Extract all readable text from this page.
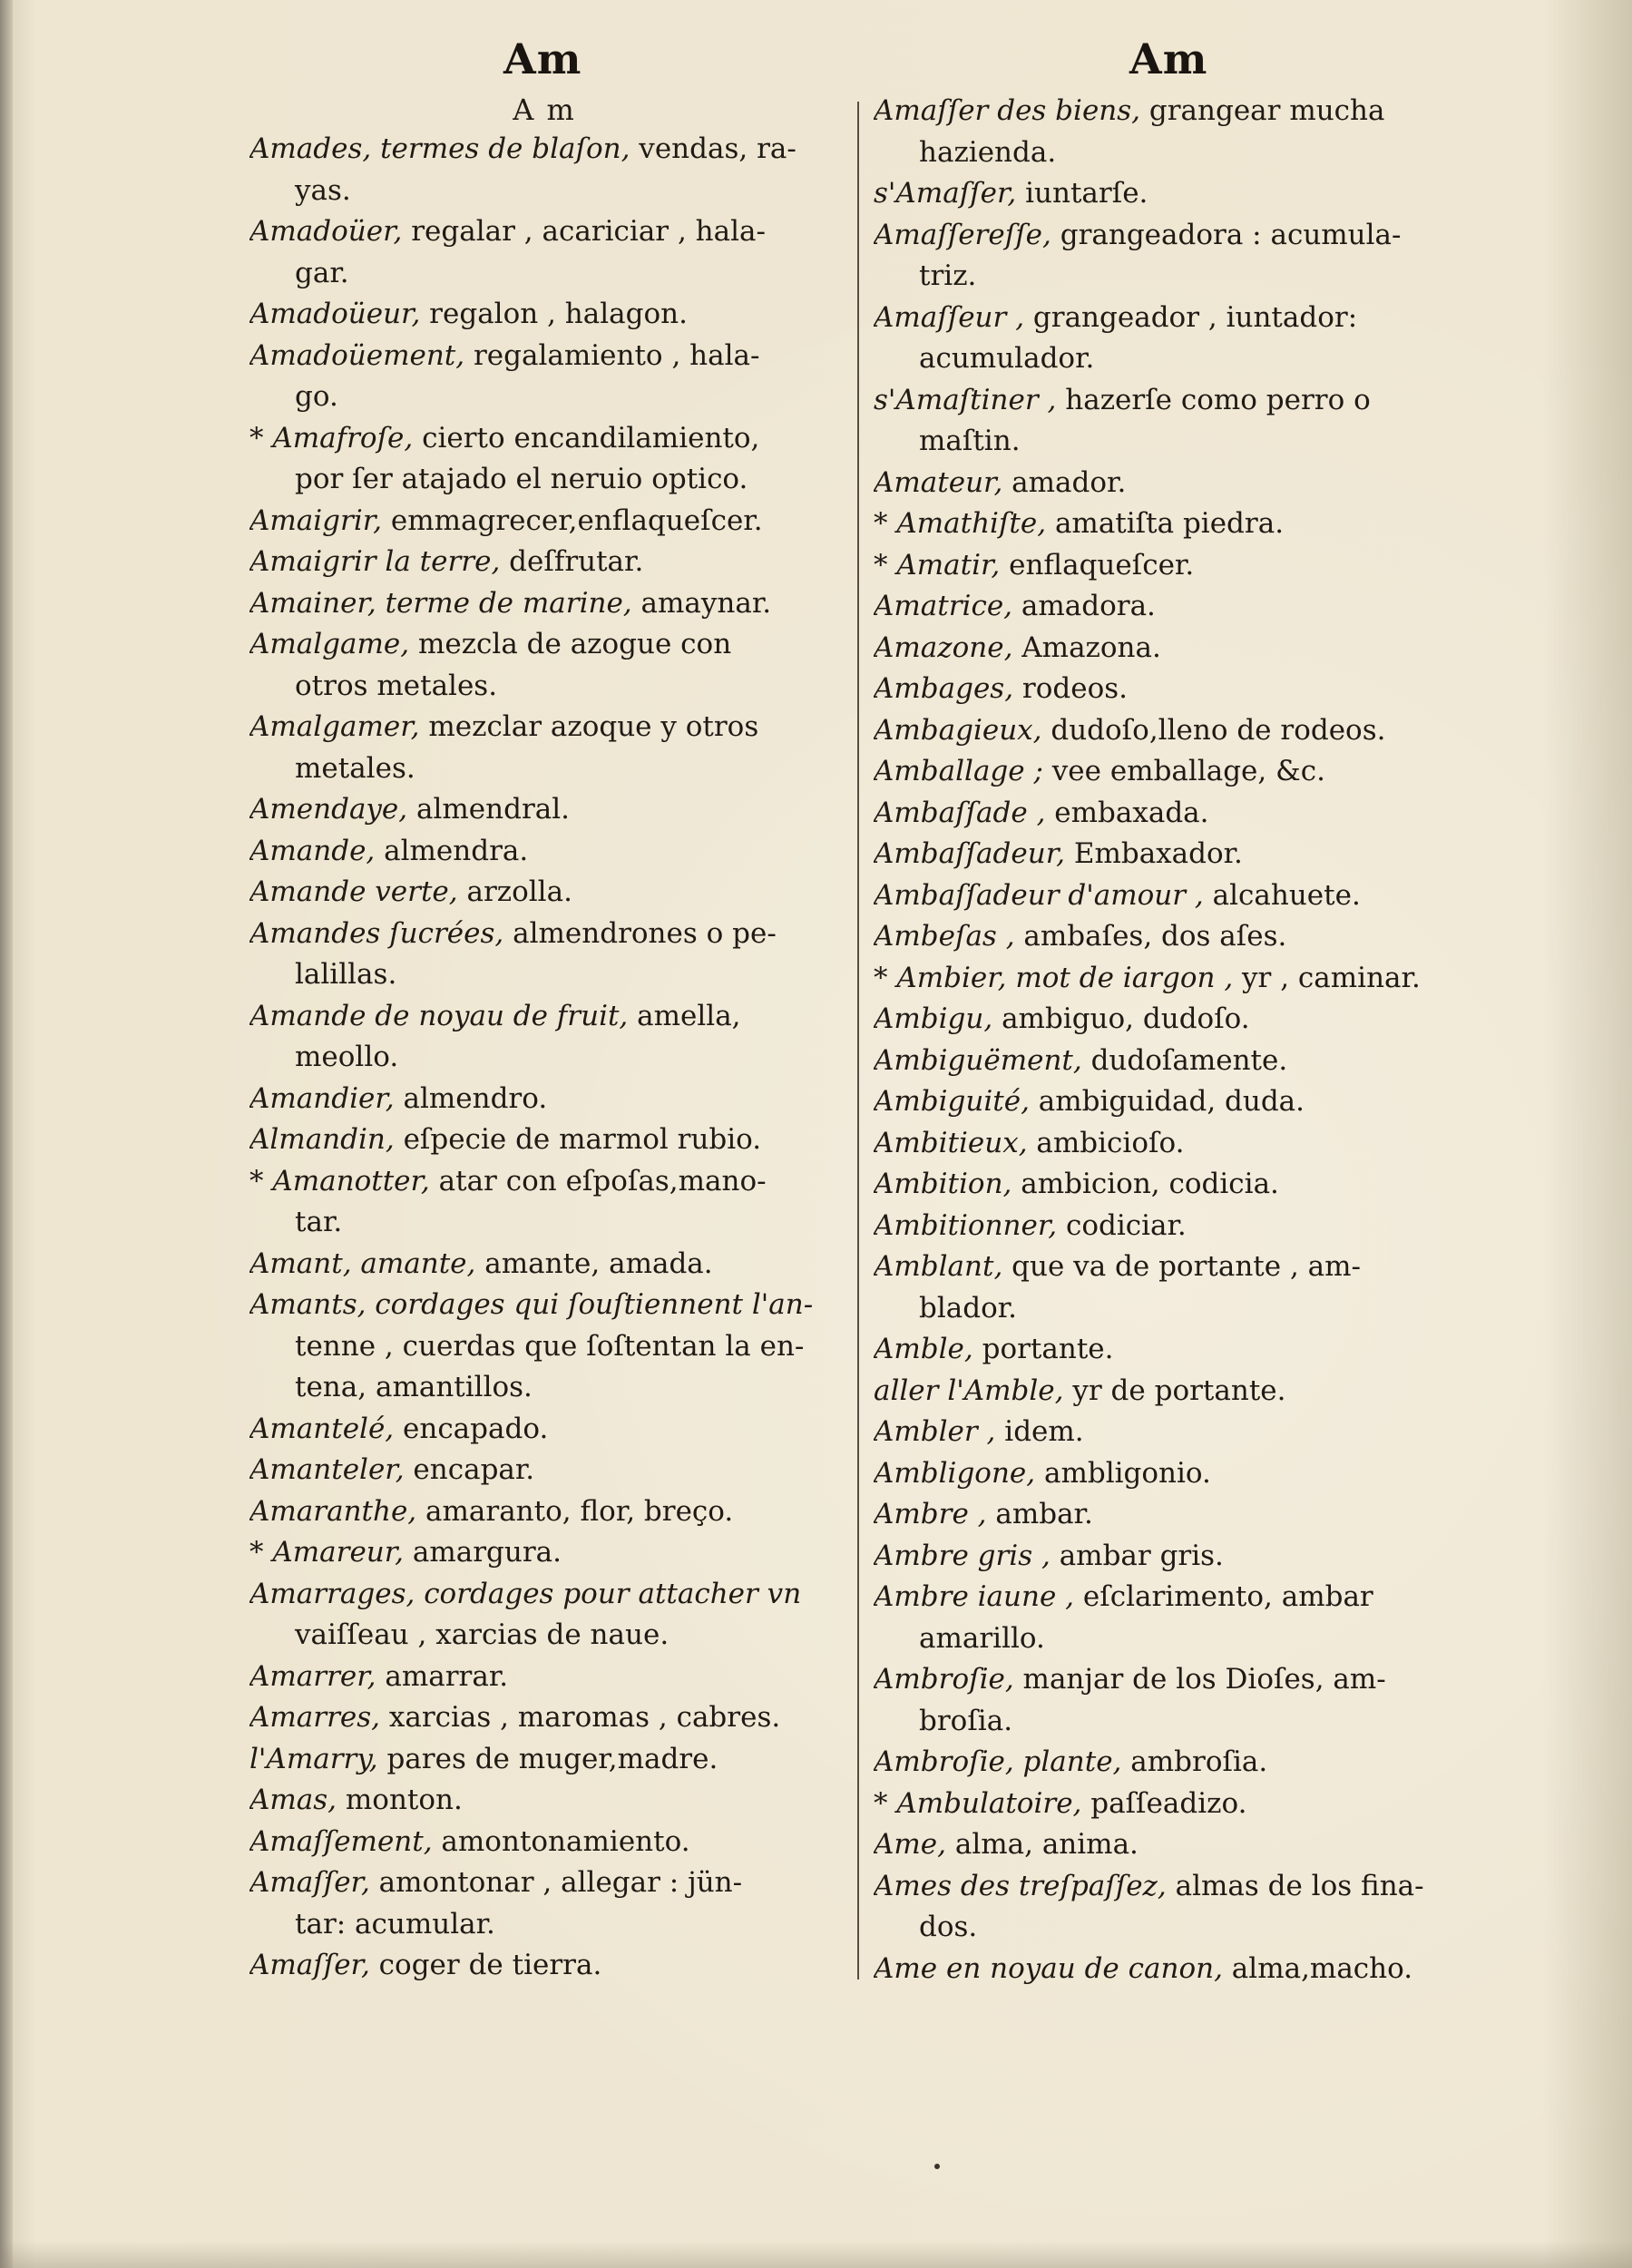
Am	Am
A m
Amades, termes de blaſon, vendas, ra-
yas.
Amadoüer, regalar , acariciar , hala-
gar.
Amadoüeur, regalon , halagon.
Amadoüement, regalamiento , hala-
go.
* Amafroſe, cierto encandilamiento,
por ſer atajado el neruio optico.
Amaigrir, emmagrecer,enflaqueſcer.
Amaigrir la terre, deſfrutar.
Amainer, terme de marine, amaynar.
Amalgame, mezcla de azogue con
otros metales.
Amalgamer, mezclar azoque y otros
metales.
Amendaye, almendral.
Amande, almendra.
Amande verte, arzolla.
Amandes ſucrées, almendrones o pe-
lalillas.
Amande de noyau de fruit, amella,
meollo.
Amandier, almendro.
Almandin, eſpecie de marmol rubio.
* Amanotter, atar con eſpoſas,mano-
tar.
Amant, amante, amante, amada.
Amants, cordages qui ſouſtiennent l'an-
tenne , cuerdas que ſoſtentan la en-
tena, amantillos.
Amantelé, encapado.
Amanteler, encapar.
Amaranthe, amaranto, flor, breço.
* Amareur, amargura.
Amarrages, cordages pour attacher vn
vaiſſeau , xarcias de naue.
Amarrer, amarrar.
Amarres, xarcias , maromas , cabres.
l'Amarry, pares de muger,madre.
Amas, monton.
Amaſſement, amontonamiento.
Amaſſer, amontonar , allegar : jün-
tar: acumular.
Amaſſer, coger de tierra.
Amaſſer des biens, grangear mucha
hazienda.
s'Amaſſer, iuntarſe.
Amaſſereſſe, grangeadora : acumula-
triz.
Amaſſeur , grangeador , iuntador:
acumulador.
s'Amaſtiner , hazerſe como perro o
maſtin.
Amateur, amador.
* Amathiſte, amatiſta piedra.
* Amatir, enflaqueſcer.
Amatrice, amadora.
Amazone, Amazona.
Ambages, rodeos.
Ambagieux, dudoſo,lleno de rodeos.
Amballage ; vee emballage, &c.
Ambaſſade , embaxada.
Ambaſſadeur, Embaxador.
Ambaſſadeur d'amour , alcahuete.
Ambeſas , ambaſes, dos aſes.
* Ambier, mot de iargon , yr , caminar.
Ambigu, ambiguo, dudoſo.
Ambiguëment, dudoſamente.
Ambiguité, ambiguidad, duda.
Ambitieux, ambicioſo.
Ambition, ambicion, codicia.
Ambitionner, codiciar.
Amblant, que va de portante , am-
blador.
Amble, portante.
aller l'Amble, yr de portante.
Ambler , idem.
Ambligone, ambligonio.
Ambre , ambar.
Ambre gris , ambar gris.
Ambre iaune , eſclarimento, ambar
amarillo.
Ambroſie, manjar de los Dioſes, am-
broſia.
Ambroſie, plante, ambroſia.
* Ambulatoire, paſſeadizo.
Ame, alma, anima.
Ames des treſpaſſez, almas de los fina-
dos.
Ame en noyau de canon, alma,macho.
